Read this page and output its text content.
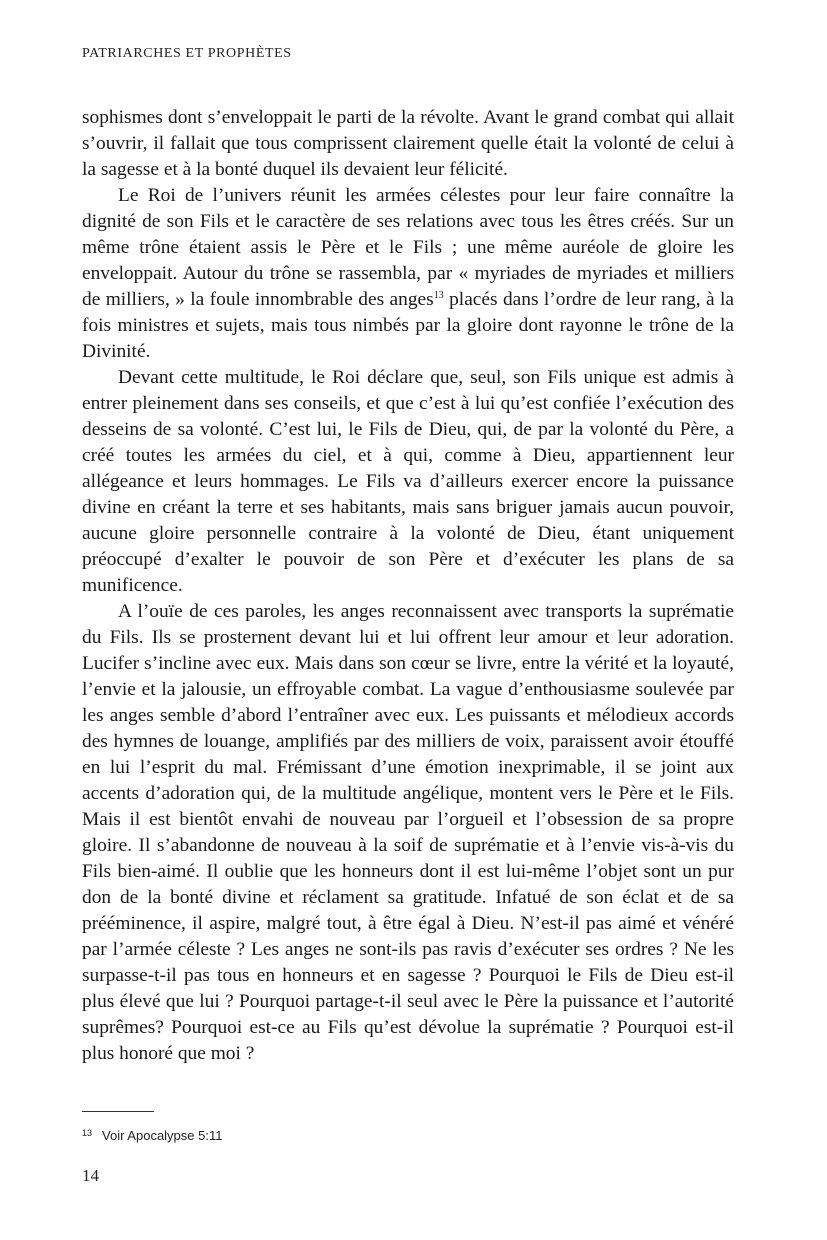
PATRIARCHES ET PROPHÈTES

sophismes dont s’enveloppait le parti de la révolte. Avant le grand combat qui allait s’ouvrir, il fallait que tous comprissent clairement quelle était la volonté de celui à la sagesse et à la bonté duquel ils devaient leur félicité.

Le Roi de l’univers réunit les armées célestes pour leur faire connaître la dignité de son Fils et le caractère de ses relations avec tous les êtres créés. Sur un même trône étaient assis le Père et le Fils ; une même auréole de gloire les enveloppait. Autour du trône se rassembla, par « myriades de myriades et milliers de milliers, » la foule innombrable des anges$^{13}$ placés dans l’ordre de leur rang, à la fois ministres et sujets, mais tous nimbés par la gloire dont rayonne le trône de la Divinité.

Devant cette multitude, le Roi déclare que, seul, son Fils unique est admis à entrer pleinement dans ses conseils, et que c’est à lui qu’est confiée l’exécution des desseins de sa volonté. C’est lui, le Fils de Dieu, qui, de par la volonté du Père, a créé toutes les armées du ciel, et à qui, comme à Dieu, appartiennent leur allégeance et leurs hommages. Le Fils va d’ailleurs exercer encore la puissance divine en créant la terre et ses habitants, mais sans briguer jamais aucun pouvoir, aucune gloire personnelle contraire à la volonté de Dieu, étant uniquement préoccupé d’exalter le pouvoir de son Père et d’exécuter les plans de sa munificence.

A l’ouïe de ces paroles, les anges reconnaissent avec transports la suprématie du Fils. Ils se prosternent devant lui et lui offrent leur amour et leur adoration. Lucifer s’incline avec eux. Mais dans son cœur se livre, entre la vérité et la loyauté, l’envie et la jalousie, un effroyable combat. La vague d’enthousiasme soulevée par les anges semble d’abord l’entraîner avec eux. Les puissants et mélodieux accords des hymnes de louange, amplifiés par des milliers de voix, paraissent avoir étouffé en lui l’esprit du mal. Frémissant d’une émotion inexprimable, il se joint aux accents d’adoration qui, de la multitude angélique, montent vers le Père et le Fils. Mais il est bientôt envahi de nouveau par l’orgueil et l’obsession de sa propre gloire. Il s’abandonne de nouveau à la soif de suprématie et à l’envie vis-à-vis du Fils bien-aimé. Il oublie que les honneurs dont il est lui-même l’objet sont un pur don de la bonté divine et réclament sa gratitude. Infatué de son éclat et de sa prééminence, il aspire, malgré tout, à être égal à Dieu. N’est-il pas aimé et vénéré par l’armée céleste ? Les anges ne sont-ils pas ravis d’exécuter ses ordres ? Ne les surpasse-t-il pas tous en honneurs et en sagesse ? Pourquoi le Fils de Dieu est-il plus élevé que lui ? Pourquoi partage-t-il seul avec le Père la puissance et l’autorité suprêmes? Pourquoi est-ce au Fils qu’est dévolue la suprématie ? Pourquoi est-il plus honoré que moi ?

$^{13}$ Voir Apocalypse 5:11
14
